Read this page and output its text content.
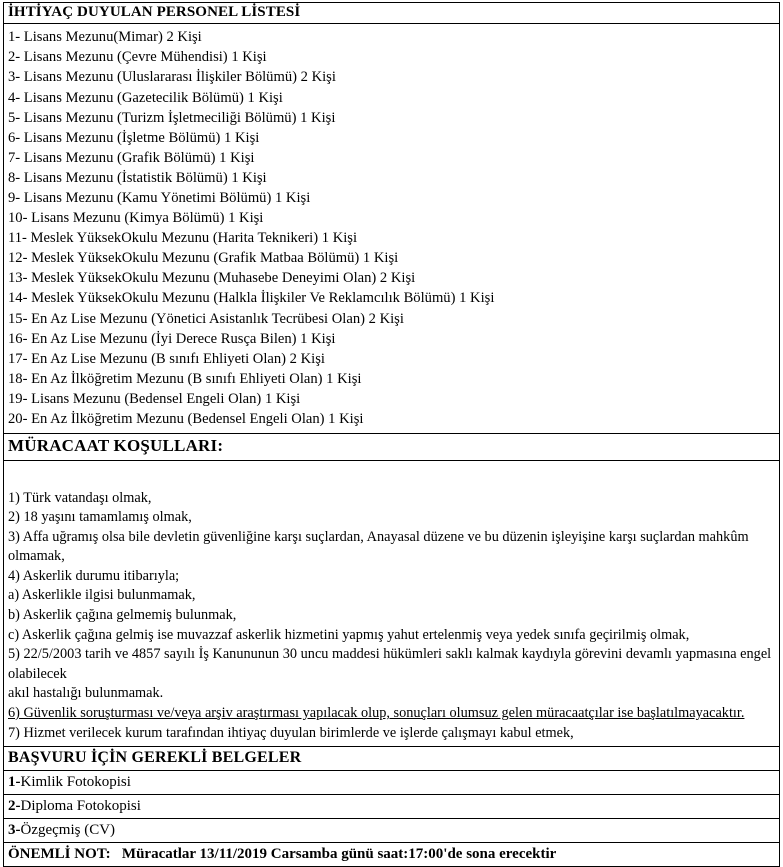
İHTİYAÇ DUYULAN PERSONEL LİSTESİ
1- Lisans Mezunu(Mimar) 2 Kişi
2- Lisans Mezunu (Çevre Mühendisi) 1 Kişi
3- Lisans Mezunu (Uluslararası İlişkiler Bölümü) 2 Kişi
4- Lisans Mezunu (Gazetecilik Bölümü) 1 Kişi
5- Lisans Mezunu (Turizm İşletmeciliği Bölümü) 1 Kişi
6- Lisans Mezunu (İşletme Bölümü) 1 Kişi
7- Lisans Mezunu (Grafik Bölümü) 1 Kişi
8- Lisans Mezunu (İstatistik Bölümü) 1 Kişi
9- Lisans Mezunu (Kamu Yönetimi Bölümü) 1 Kişi
10- Lisans Mezunu (Kimya Bölümü) 1 Kişi
11- Meslek YüksekOkulu Mezunu (Harita Teknikeri) 1 Kişi
12- Meslek YüksekOkulu Mezunu (Grafik Matbaa Bölümü) 1 Kişi
13- Meslek YüksekOkulu Mezunu (Muhasebe Deneyimi Olan) 2 Kişi
14- Meslek YüksekOkulu Mezunu (Halkla İlişkiler Ve Reklamcılık Bölümü) 1 Kişi
15- En Az Lise Mezunu (Yönetici Asistanlık Tecrübesi Olan) 2 Kişi
16- En Az Lise Mezunu (İyi Derece Rusça Bilen) 1 Kişi
17- En Az Lise Mezunu (B sınıfı Ehliyeti Olan) 2 Kişi
18- En Az İlköğretim Mezunu (B sınıfı Ehliyeti Olan) 1 Kişi
19- Lisans Mezunu (Bedensel Engeli Olan) 1 Kişi
20- En Az İlköğretim Mezunu (Bedensel Engeli Olan) 1 Kişi
MÜRACAAT KOŞULLARI:
1) Türk vatandaşı olmak,
2) 18 yaşını tamamlamış olmak,
3) Affa uğramış olsa bile devletin güvenliğine karşı suçlardan, Anayasal düzene ve bu düzenin işleyişine karşı suçlardan mahkûm olmamak,
4) Askerlik durumu itibarıyla;
a) Askerlikle ilgisi bulunmamak,
b) Askerlik çağına gelmemiş bulunmak,
c) Askerlik çağına gelmiş ise muvazzaf askerlik hizmetini yapmış yahut ertelenmiş veya yedek sınıfa geçirilmiş olmak,
5) 22/5/2003 tarih ve 4857 sayılı İş Kanununun 30 uncu maddesi hükümleri saklı kalmak kaydıyla görevini devamlı yapmasına engel olabilecek
akıl hastalığı bulunmamak.
6) Güvenlik soruşturması ve/veya arşiv araştırması yapılacak olup, sonuçları olumsuz gelen müracaatçılar ise başlatılmayacaktır.
7) Hizmet verilecek kurum tarafından ihtiyaç duyulan birimlerde ve işlerde çalışmayı kabul etmek,
BAŞVURU İÇİN GEREKLİ BELGELER
1-Kimlik Fotokopisi
2-Diploma Fotokopisi
3-Özgeçmiş (CV)
ÖNEMLİ NOT: Müracatlar 13/11/2019 Carsamba günü saat:17:00'de sona erecektir
